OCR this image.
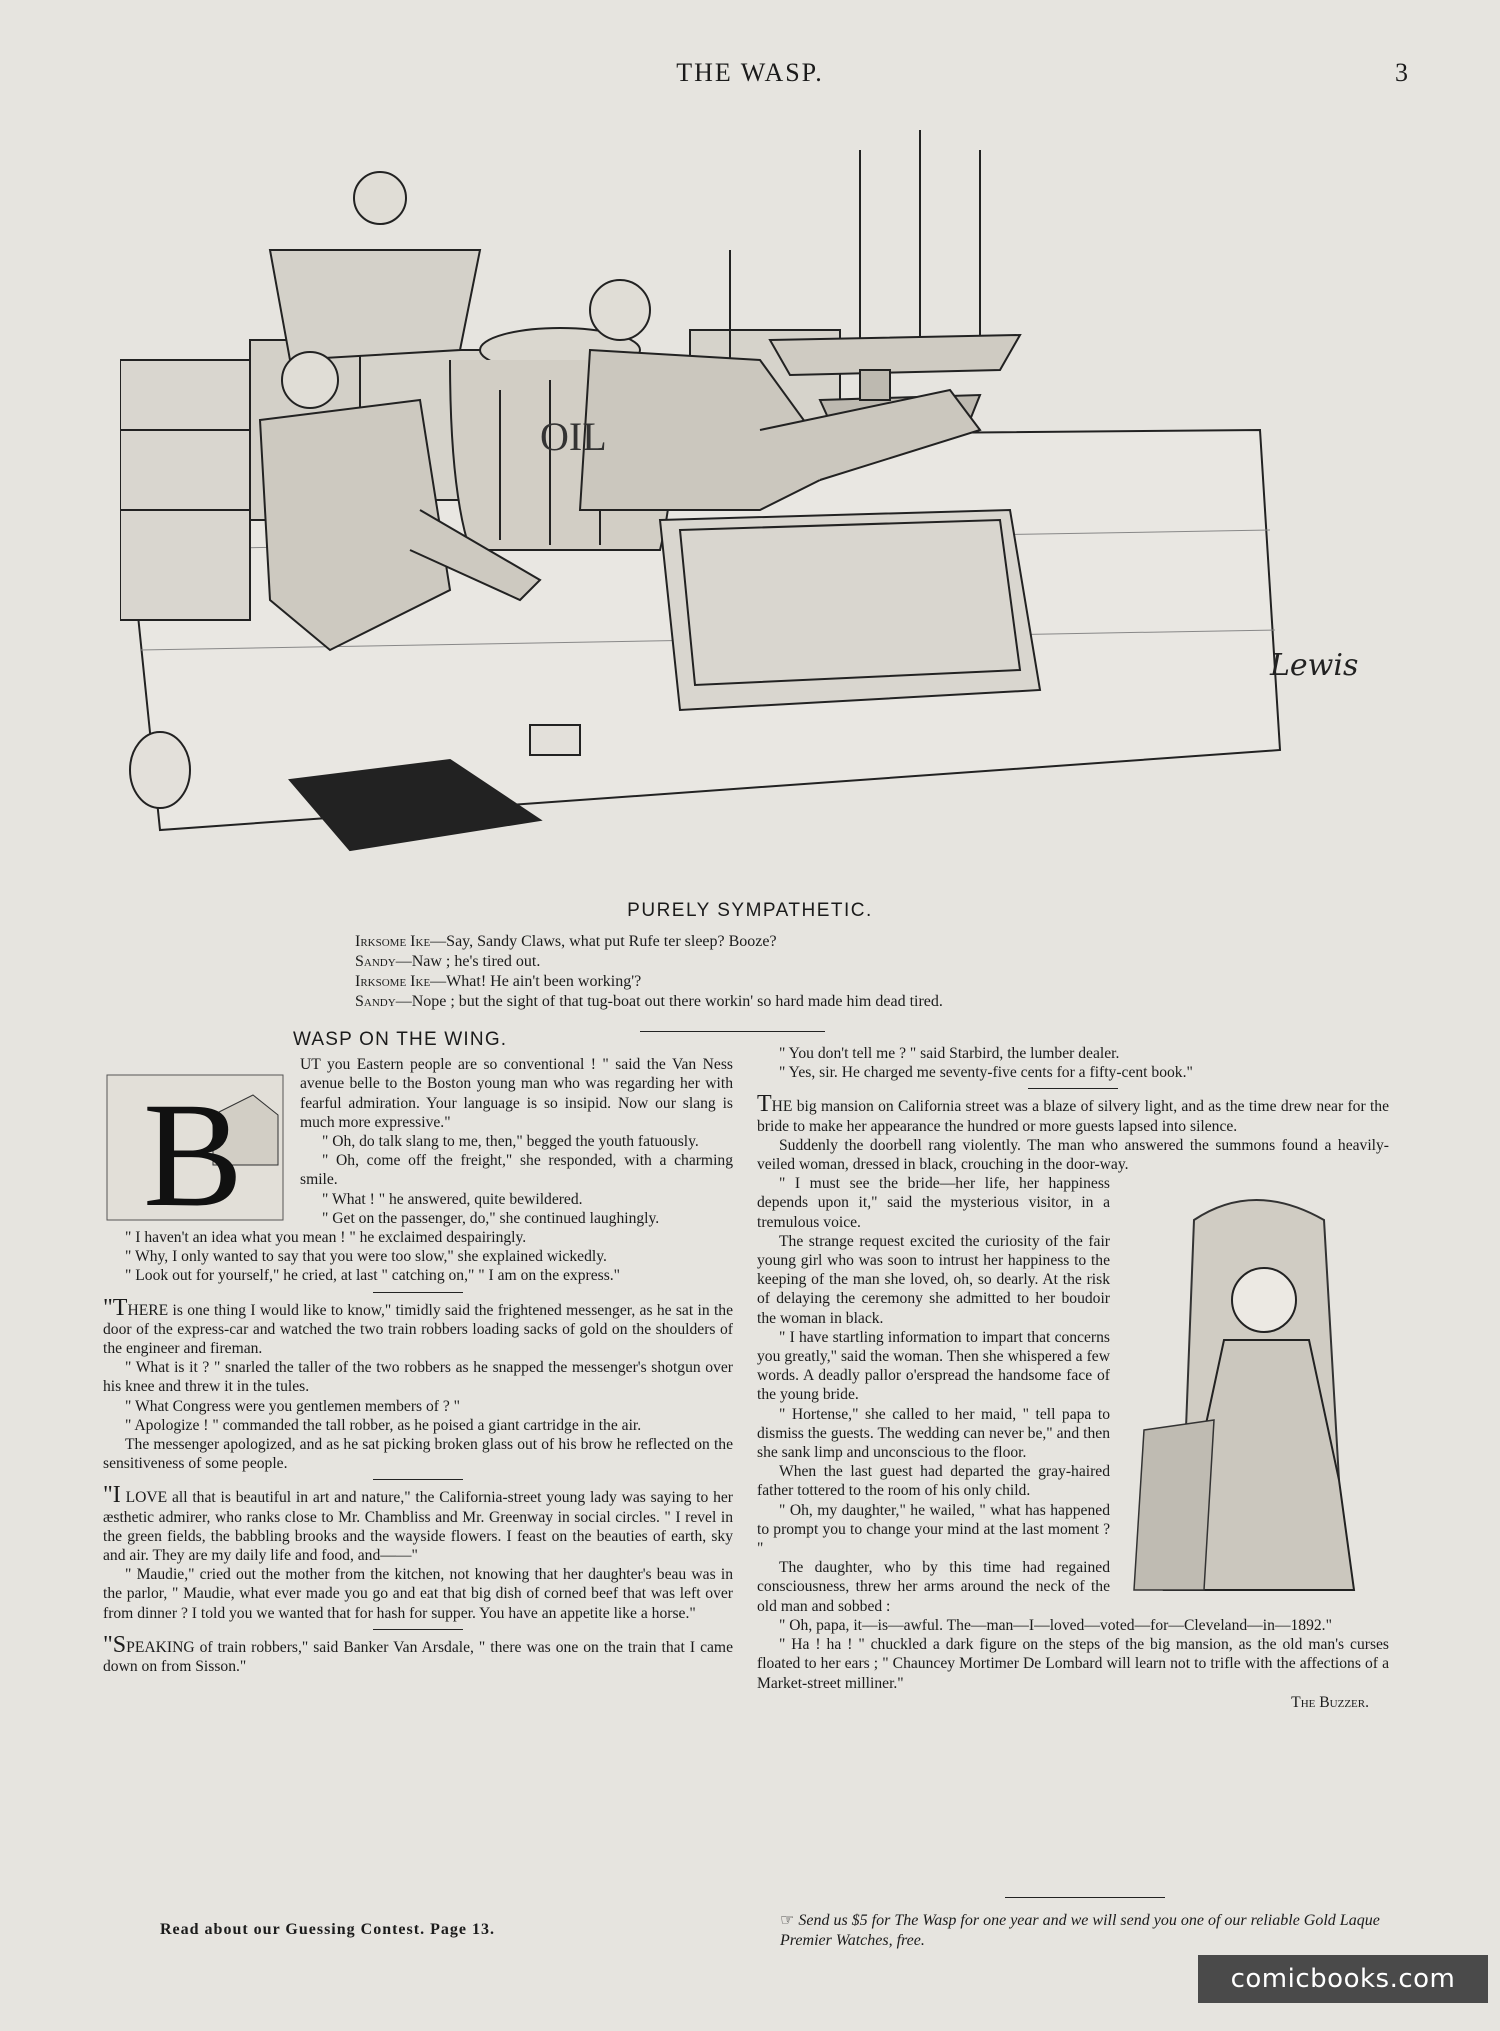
THE WASP.	3
OIL
Lewis
PURELY SYMPATHETIC.

Irksome Ike—Say, Sandy Claws, what put Rufe ter sleep? Booze?

Sandy—Naw ; he's tired out.

Irksome Ike—What! He ain't been working'?

Sandy—Nope ; but the sight of that tug-boat out there workin' so hard made him dead tired.

WASP ON THE WING.

B

UT you Eastern people are so conventional ! " said the Van Ness avenue belle to the Boston young man who was regarding her with fearful admiration. Your language is so insipid. Now our slang is much more expressive."

" Oh, do talk slang to me, then," begged the youth fatuously.

" Oh, come off the freight," she responded, with a charming smile.

" What ! " he answered, quite bewildered.

" Get on the passenger, do," she continued laughingly.

" I haven't an idea what you mean ! " he exclaimed despairingly.

" Why, I only wanted to say that you were too slow," she explained wickedly.

" Look out for yourself," he cried, at last " catching on," " I am on the express."

"THERE is one thing I would like to know," timidly said the frightened messenger, as he sat in the door of the express-car and watched the two train robbers loading sacks of gold on the shoulders of the engineer and fireman.

" What is it ? " snarled the taller of the two robbers as he snapped the messenger's shotgun over his knee and threw it in the tules.

" What Congress were you gentlemen members of ? "

" Apologize ! " commanded the tall robber, as he poised a giant cartridge in the air.

The messenger apologized, and as he sat picking broken glass out of his brow he reflected on the sensitiveness of some people.

"I LOVE all that is beautiful in art and nature," the California-street young lady was saying to her æsthetic admirer, who ranks close to Mr. Chambliss and Mr. Greenway in social circles. " I revel in the green fields, the babbling brooks and the wayside flowers. I feast on the beauties of earth, sky and air. They are my daily life and food, and——"

" Maudie," cried out the mother from the kitchen, not knowing that her daughter's beau was in the parlor, " Maudie, what ever made you go and eat that big dish of corned beef that was left over from dinner ? I told you we wanted that for hash for supper. You have an appetite like a horse."

"SPEAKING of train robbers," said Banker Van Arsdale, " there was one on the train that I came down on from Sisson."

" You don't tell me ? " said Starbird, the lumber dealer.

" Yes, sir. He charged me seventy-five cents for a fifty-cent book."

THE big mansion on California street was a blaze of silvery light, and as the time drew near for the bride to make her appearance the hundred or more guests lapsed into silence.

Suddenly the doorbell rang violently. The man who answered the summons found a heavily-veiled woman, dressed in black, crouching in the door-way.

" I must see the bride—her life, her happiness depends upon it," said the mysterious visitor, in a tremulous voice.

The strange request excited the curiosity of the fair young girl who was soon to intrust her happiness to the keeping of the man she loved, oh, so dearly. At the risk of delaying the ceremony she admitted to her boudoir the woman in black.

" I have startling information to impart that concerns you greatly," said the woman. Then she whispered a few words. A deadly pallor o'erspread the handsome face of the young bride.

" Hortense," she called to her maid, " tell papa to dismiss the guests. The wedding can never be," and then she sank limp and unconscious to the floor.

When the last guest had departed the gray-haired father tottered to the room of his only child.

" Oh, my daughter," he wailed, " what has happened to prompt you to change your mind at the last moment ? "

The daughter, who by this time had regained consciousness, threw her arms around the neck of the old man and sobbed :

" Oh, papa, it—is—awful. The—man—I—loved—voted—for—Cleveland—in—1892."

" Ha ! ha ! " chuckled a dark figure on the steps of the big mansion, as the old man's curses floated to her ears ; " Chauncey Mortimer De Lombard will learn not to trifle with the affections of a Market-street milliner."

The Buzzer.

Read about our Guessing Contest. Page 13.
☞ Send us $5 for The Wasp for one year and we will send you one of our reliable Gold Laque Premier Watches, free.
comicbooks.com
